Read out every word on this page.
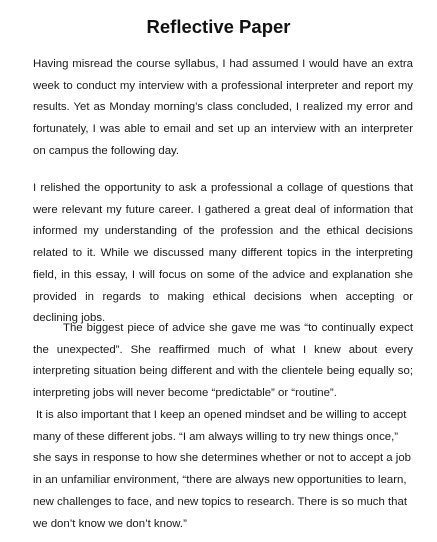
Reflective Paper

Having misread the course syllabus, I had assumed I would have an extra week to conduct my interview with a professional interpreter and report my results. Yet as Monday morning’s class concluded, I realized my error and fortunately, I was able to email and set up an interview with an interpreter on campus the following day.

I relished the opportunity to ask a professional a collage of questions that were relevant my future career. I gathered a great deal of information that informed my understanding of the profession and the ethical decisions related to it. While we discussed many different topics in the interpreting field, in this essay, I will focus on some of the advice and explanation she provided in regards to making ethical decisions when accepting or declining jobs.

The biggest piece of advice she gave me was “to continually expect the unexpected”. She reaffirmed much of what I knew about every interpreting situation being different and with the clientele being equally so; interpreting jobs will never become “predictable” or “routine”.

It is also important that I keep an opened mindset and be willing to accept many of these different jobs. “I am always willing to try new things once,” she says in response to how she determines whether or not to accept a job in an unfamiliar environment, “there are always new opportunities to learn, new challenges to face, and new topics to research. There is so much that we don’t know we don’t know.”
